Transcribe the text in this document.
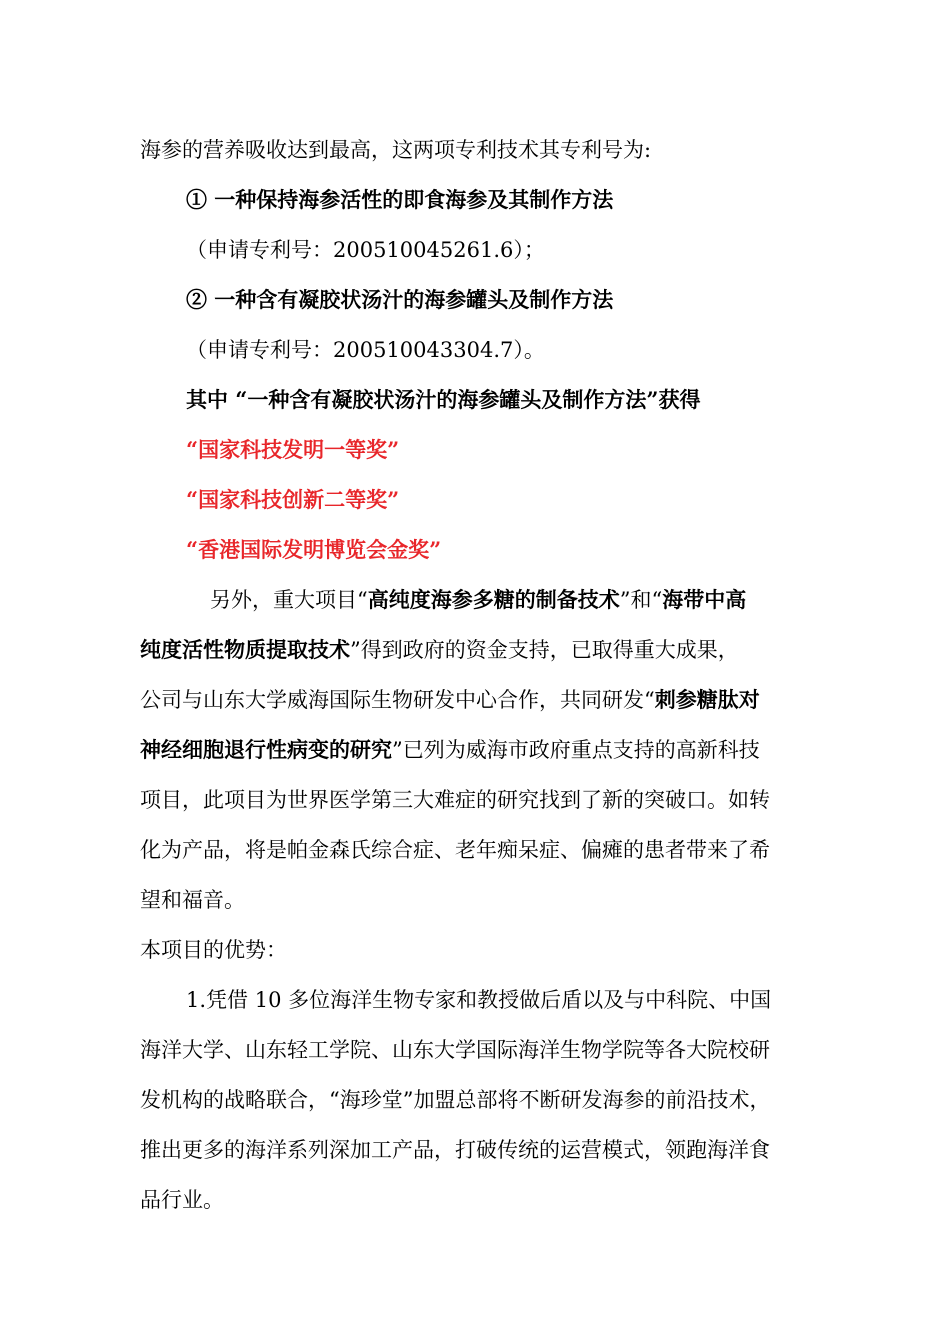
海参的营养吸收达到最高，这两项专利技术其专利号为:
① 一种保持海参活性的即食海参及其制作方法
（申请专利号：200510045261.6）；
② 一种含有凝胶状汤汁的海参罐头及制作方法
（申请专利号：200510043304.7）。
其中 “一种含有凝胶状汤汁的海参罐头及制作方法”获得
“国家科技发明一等奖”
“国家科技创新二等奖”
“香港国际发明博览会金奖”
另外，重大项目“高纯度海参多糖的制备技术”和“海带中高
纯度活性物质提取技术”得到政府的资金支持，已取得重大成果，
公司与山东大学威海国际生物研发中心合作，共同研发“刺参糖肽对
神经细胞退行性病变的研究”已列为威海市政府重点支持的高新科技
项目，此项目为世界医学第三大难症的研究找到了新的突破口。如转
化为产品，将是帕金森氏综合症、老年痴呆症、偏瘫的患者带来了希
望和福音。
本项目的优势：
1.凭借 10 多位海洋生物专家和教授做后盾以及与中科院、中国
海洋大学、山东轻工学院、山东大学国际海洋生物学院等各大院校研
发机构的战略联合，“海珍堂”加盟总部将不断研发海参的前沿技术，
推出更多的海洋系列深加工产品，打破传统的运营模式，领跑海洋食
品行业。
